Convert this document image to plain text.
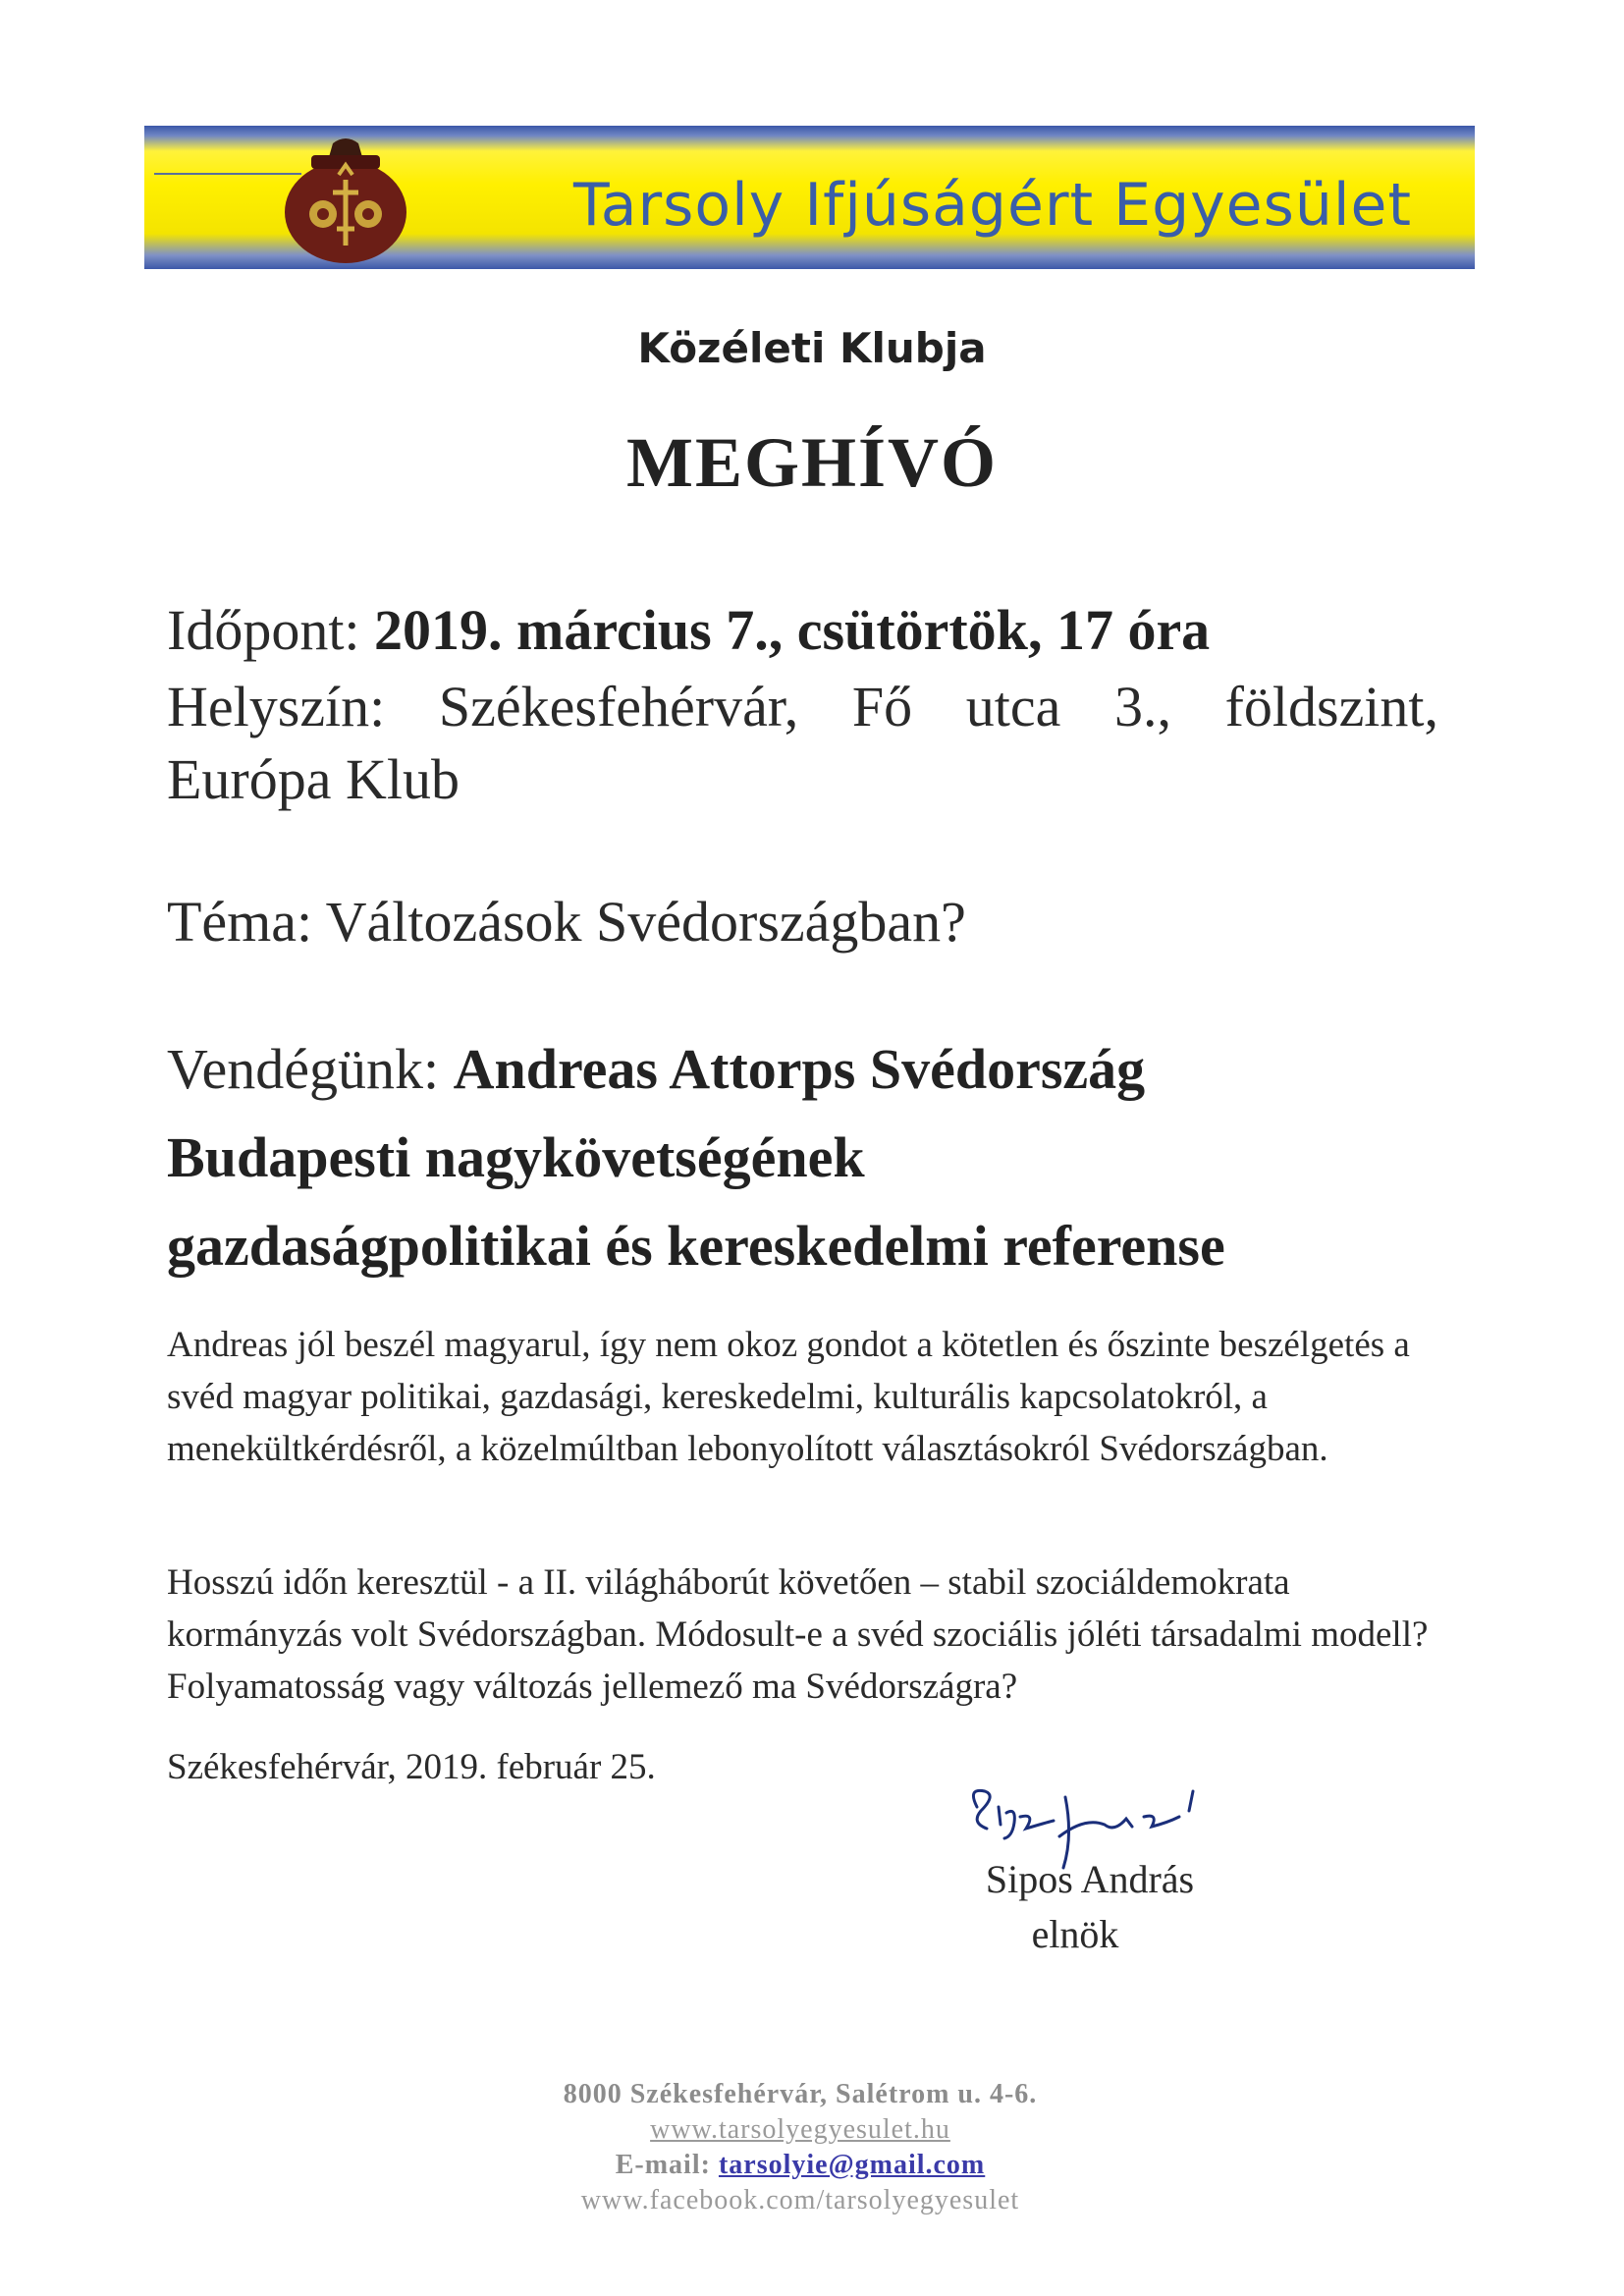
Tarsoly Ifjúságért Egyesület
Közéleti Klubja
MEGHÍVÓ
Időpont: 2019. március 7., csütörtök, 17 óra
Helyszín: Székesfehérvár, Fő utca 3., földszint,
Európa Klub
Téma: Változások Svédországban?
Vendégünk: Andreas Attorps Svédország
Budapesti nagykövetségének
gazdaságpolitikai és kereskedelmi referense
Andreas jól beszél magyarul, így nem okoz gondot a kötetlen és őszinte beszélgetés a svéd magyar politikai, gazdasági, kereskedelmi, kulturális kapcsolatokról, a menekültkérdésről, a közelmúltban lebonyolított választásokról Svédországban.
Hosszú időn keresztül - a II. világháborút követően – stabil szociáldemokrata kormányzás volt Svédországban. Módosult-e a svéd szociális jóléti társadalmi modell? Folyamatosság vagy változás jellemező ma Svédországra?
Székesfehérvár, 2019. február 25.
Sipos András
elnök
8000 Székesfehérvár, Salétrom u. 4-6.
www.tarsolyegyesulet.hu
E-mail: tarsolyie@gmail.com
www.facebook.com/tarsolyegyesulet
